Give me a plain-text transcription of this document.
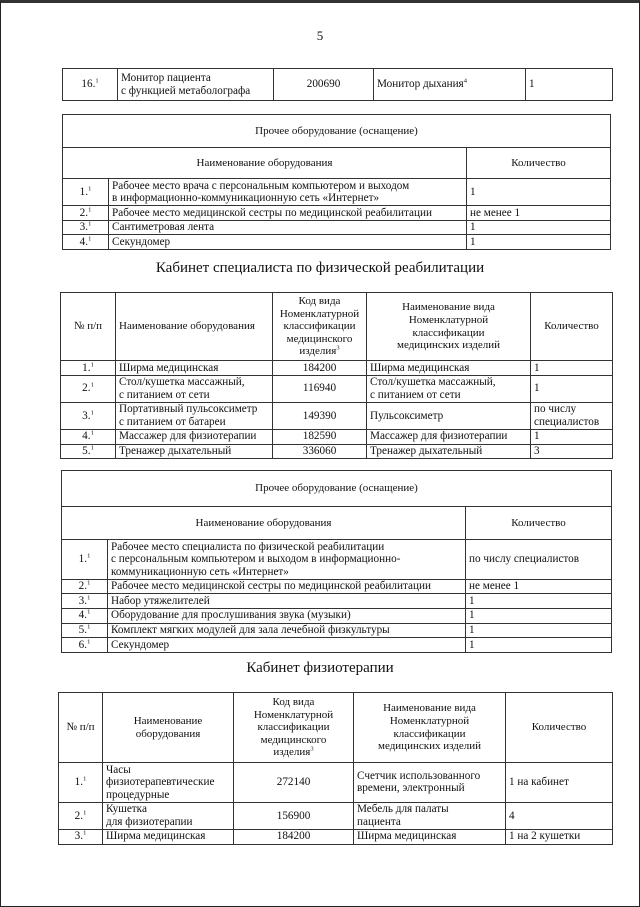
5
16.$^1$	Монитор пациента
с функцией метаболографа	200690	Монитор дыхания$^4$	1
Прочее оборудование (оснащение)		
Наименование оборудования		Количество
1.$^1$	Рабочее место врача с персональным компьютером и выходом
в информационно-коммуникационную сеть «Интернет»	1
2.$^1$	Рабочее место медицинской сестры по медицинской реабилитации	не менее 1
3.$^1$	Сантиметровая лента	1
4.$^1$	Секундомер	1
Кабинет специалиста по физической реабилитации
№ п/п	Наименование оборудования	Код вида
Номенклатурной
классификации
медицинского
изделия$^3$	Наименование вида
Номенклатурной
классификации
медицинских изделий	Количество
1.$^1$	Ширма медицинская	184200	Ширма медицинская	1
2.$^1$	Стол/кушетка массажный,
с питанием от сети	116940	Стол/кушетка массажный,
с питанием от сети	1
3.$^1$	Портативный пульсоксиметр
с питанием от батареи	149390	Пульсоксиметр	по числу
специалистов
4.$^1$	Массажер для физиотерапии	182590	Массажер для физиотерапии	1
5.$^1$	Тренажер дыхательный	336060	Тренажер дыхательный	3
Прочее оборудование (оснащение)		
Наименование оборудования		Количество
1.$^1$	Рабочее место специалиста по физической реабилитации
с персональным компьютером и выходом в информационно-
коммуникационную сеть «Интернет»	по числу специалистов
2.$^1$	Рабочее место медицинской сестры по медицинской реабилитации	не менее 1
3.$^1$	Набор утяжелителей	1
4.$^1$	Оборудование для прослушивания звука (музыки)	1
5.$^1$	Комплект мягких модулей для зала лечебной физкультуры	1
6.$^1$	Секундомер	1
Кабинет физиотерапии
№ п/п	Наименование
оборудования	Код вида
Номенклатурной
классификации
медицинского
изделия$^3$	Наименование вида
Номенклатурной
классификации
медицинских изделий	Количество
1.$^1$	Часы
физиотерапевтические
процедурные	272140	Счетчик использованного
времени, электронный	1 на кабинет
2.$^1$	Кушетка
для физиотерапии	156900	Мебель для палаты
пациента	4
3.$^1$	Ширма медицинская	184200	Ширма медицинская	1 на 2 кушетки
